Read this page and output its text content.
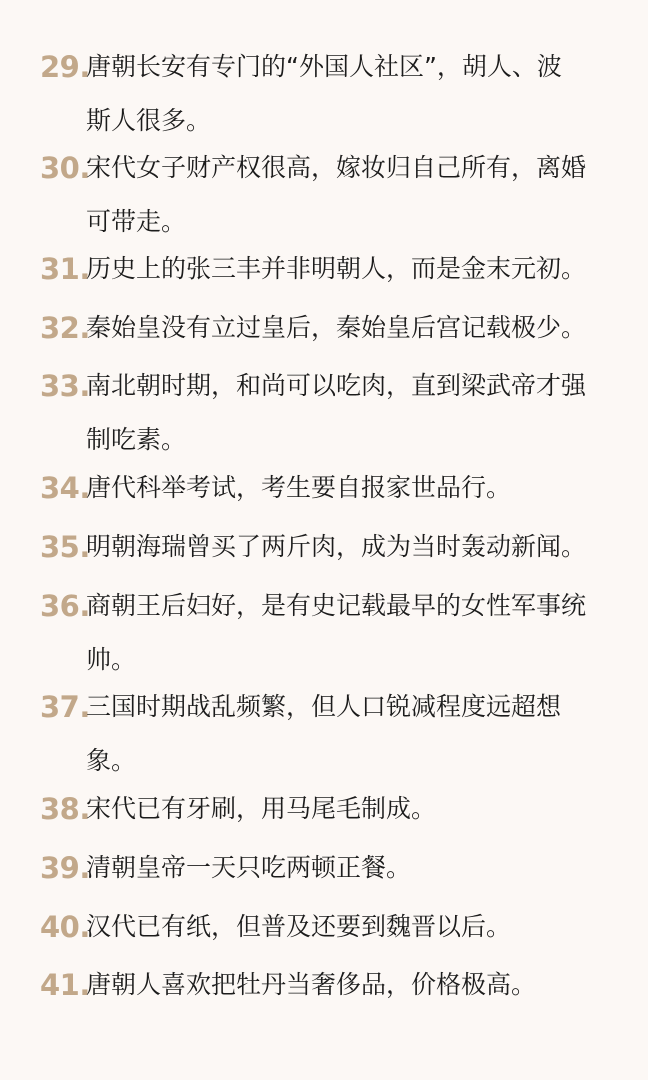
29.
唐朝长安有专门的“外国人社区”，胡人、波
斯人很多。
30.
宋代女子财产权很高，嫁妆归自己所有，离婚
可带走。
31.
历史上的张三丰并非明朝人，而是金末元初。
32.
秦始皇没有立过皇后，秦始皇后宫记载极少。
33.
南北朝时期，和尚可以吃肉，直到梁武帝才强
制吃素。
34.
唐代科举考试，考生要自报家世品行。
35.
明朝海瑞曾买了两斤肉，成为当时轰动新闻。
36.
商朝王后妇好，是有史记载最早的女性军事统
帅。
37.
三国时期战乱频繁，但人口锐减程度远超想
象。
38.
宋代已有牙刷，用马尾毛制成。
39.
清朝皇帝一天只吃两顿正餐。
40.
汉代已有纸，但普及还要到魏晋以后。
41.
唐朝人喜欢把牡丹当奢侈品，价格极高。
